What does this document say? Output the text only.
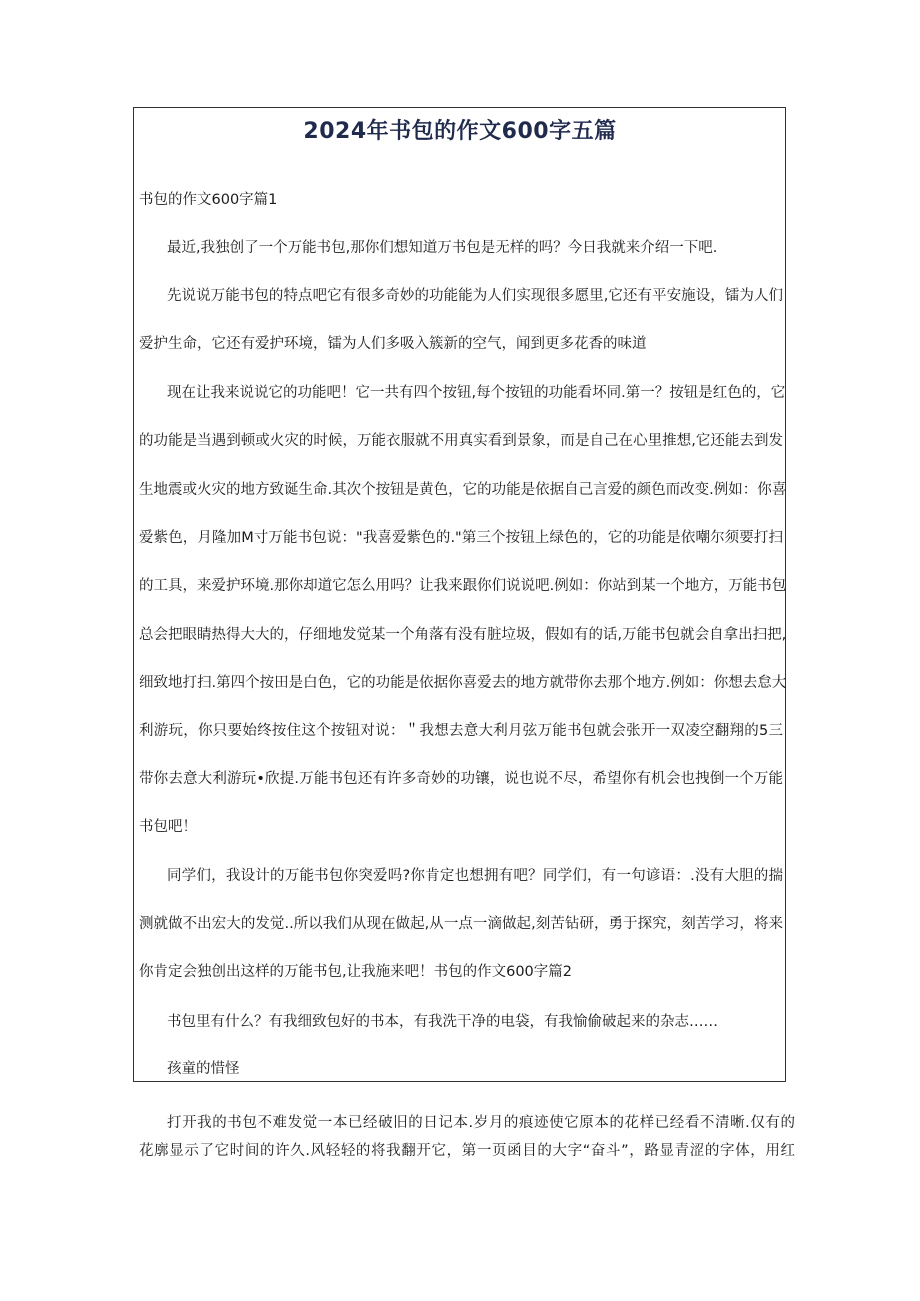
2024年书包的作文600字五篇
书包的作文600字篇1
最近,我独创了一个万能书包,那你们想知道万书包是无样的吗？今日我就来介绍一下吧.
先说说万能书包的特点吧它有很多奇妙的功能能为人们实现很多愿里,它还有平安施设，镭为人们
爱护生命，它还有爱护环境，镭为人们多吸入簇新的空气，闻到更多花香的味道
现在让我来说说它的功能吧！它一共有四个按钮,每个按钮的功能看坏同.第一？按钮是红色的，它
的功能是当遇到顿或火灾的时候，万能衣服就不用真实看到景象，而是自己在心里推想,它还能去到发
生地震或火灾的地方致诞生命.其次个按钮是黄色，它的功能是依据自己言爱的颜色而改变.例如：你喜
爱紫色，月隆加M寸万能书包说："我喜爱紫色的."第三个按钮上绿色的，它的功能是依嘲尔须要打扫
的工具，来爱护环境.那你却道它怎么用吗？让我来跟你们说说吧.例如：你站到某一个地方，万能书包
总会把眼睛热得大大的，仔细地发觉某一个角落有没有脏垃圾，假如有的话,万能书包就会自拿出扫把,
细致地打扫.第四个按田是白色，它的功能是依据你喜爱去的地方就带你去那个地方.例如：你想去怠大
利游玩，你只要始终按住这个按钮对说：＂我想去意大利月弦万能书包就会张开一双凌空翻翔的5三
带你去意大利游玩•欣提.万能书包还有许多奇妙的功镶，说也说不尽，希望你有机会也拽倒一个万能
书包吧！
同学们，我设计的万能书包你突爱吗?你肯定也想拥有吧？同学们，有一句谚语：.没有大胆的揣
测就做不出宏大的发觉..所以我们从现在做起,从一点一滴做起,刻苦钻研，勇于探究，刻苦学习，将来
你肯定会独创出这样的万能书包,让我施来吧！书包的作文600字篇2
书包里有什么？有我细致包好的书本，有我洗干净的电袋，有我愉偷破起来的杂志……
孩童的惜怪
打开我的书包不难发觉一本已经破旧的日记本.岁月的痕迹使它原本的花样已经看不清晰.仅有的
花廓显示了它时间的许久.风轻轻的将我翻开它，第一页函目的大字“奋斗”，路显青涩的字体，用红
